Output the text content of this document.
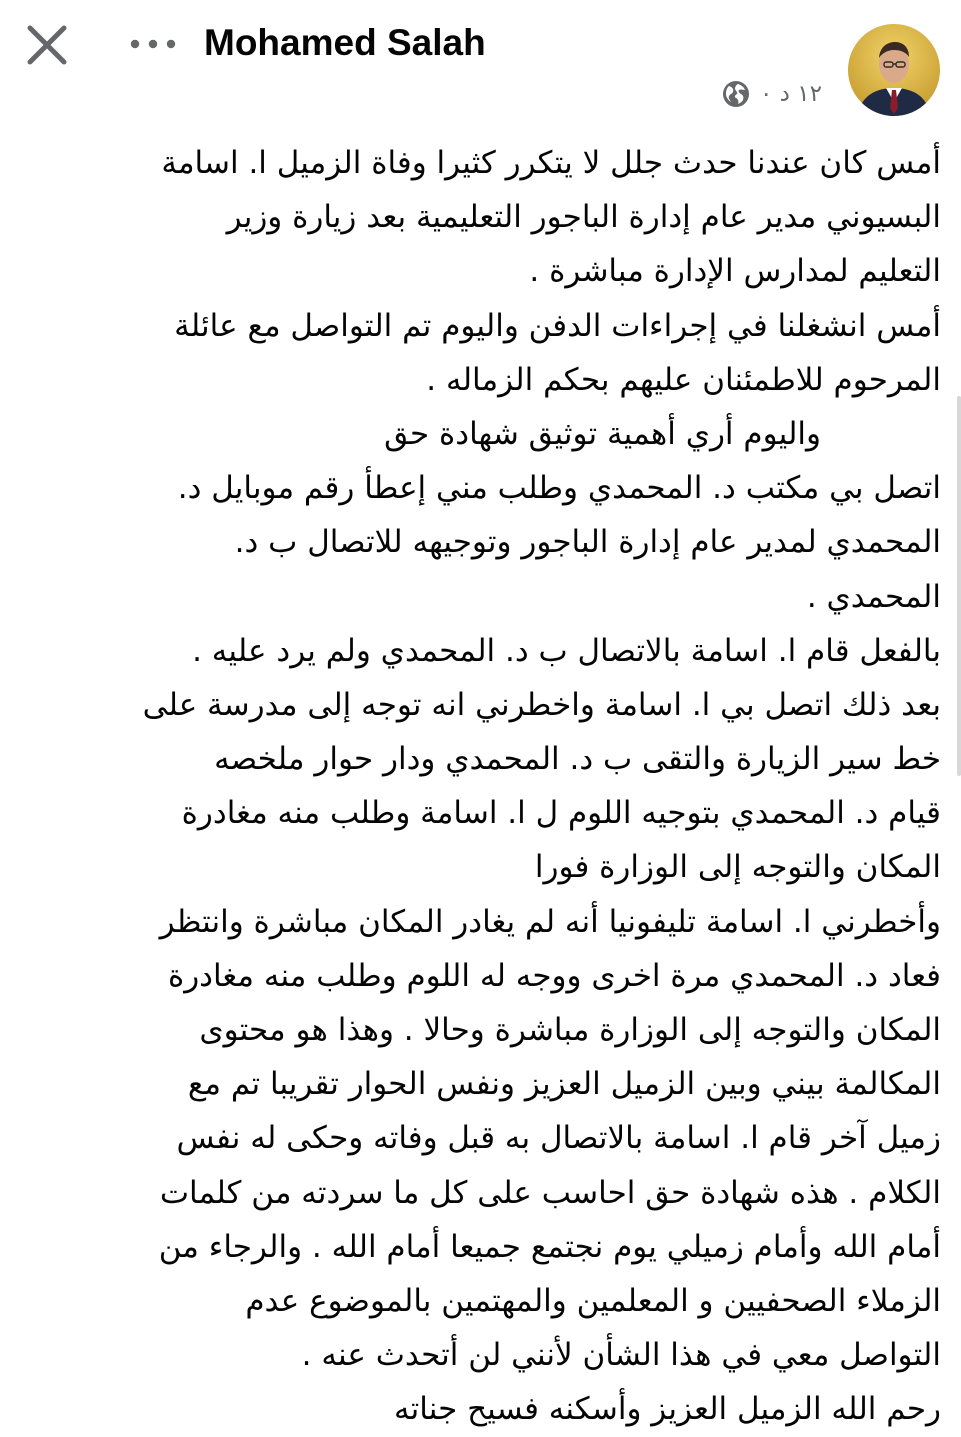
Mohamed Salah
١٢ د ٠
أمس كان عندنا حدث جلل لا يتكرر كثيرا وفاة الزميل ا. اسامة
البسيوني مدير عام إدارة الباجور التعليمية بعد زيارة وزير
التعليم لمدارس الإدارة مباشرة .
أمس انشغلنا في إجراءات الدفن واليوم تم التواصل مع عائلة
المرحوم للاطمئنان عليهم بحكم الزماله .
واليوم أري أهمية توثيق شهادة حق
اتصل بي مكتب د. المحمدي وطلب مني إعطأ رقم موبايل د.
المحمدي لمدير عام إدارة الباجور وتوجيهه للاتصال ب د.
المحمدي .
بالفعل قام ا. اسامة بالاتصال ب د. المحمدي ولم يرد عليه .
بعد ذلك اتصل بي ا. اسامة واخطرني انه توجه إلى مدرسة على
خط سير الزيارة والتقى ب د. المحمدي ودار حوار ملخصه
قيام د. المحمدي بتوجيه اللوم ل ا. اسامة وطلب منه مغادرة
المكان والتوجه إلى الوزارة فورا
وأخطرني ا. اسامة تليفونيا أنه لم يغادر المكان مباشرة وانتظر
فعاد د. المحمدي مرة اخرى ووجه له اللوم وطلب منه مغادرة
المكان والتوجه إلى الوزارة مباشرة وحالا . وهذا هو محتوى
المكالمة بيني وبين الزميل العزيز ونفس الحوار تقريبا تم مع
زميل آخر قام ا. اسامة بالاتصال به قبل وفاته وحكى له نفس
الكلام . هذه شهادة حق احاسب على كل ما سردته من كلمات
أمام الله وأمام زميلي يوم نجتمع جميعا أمام الله . والرجاء من
الزملاء الصحفيين و المعلمين والمهتمين بالموضوع عدم
التواصل معي في هذا الشأن لأنني لن أتحدث عنه .
رحم الله الزميل العزيز وأسكنه فسيح جناته
